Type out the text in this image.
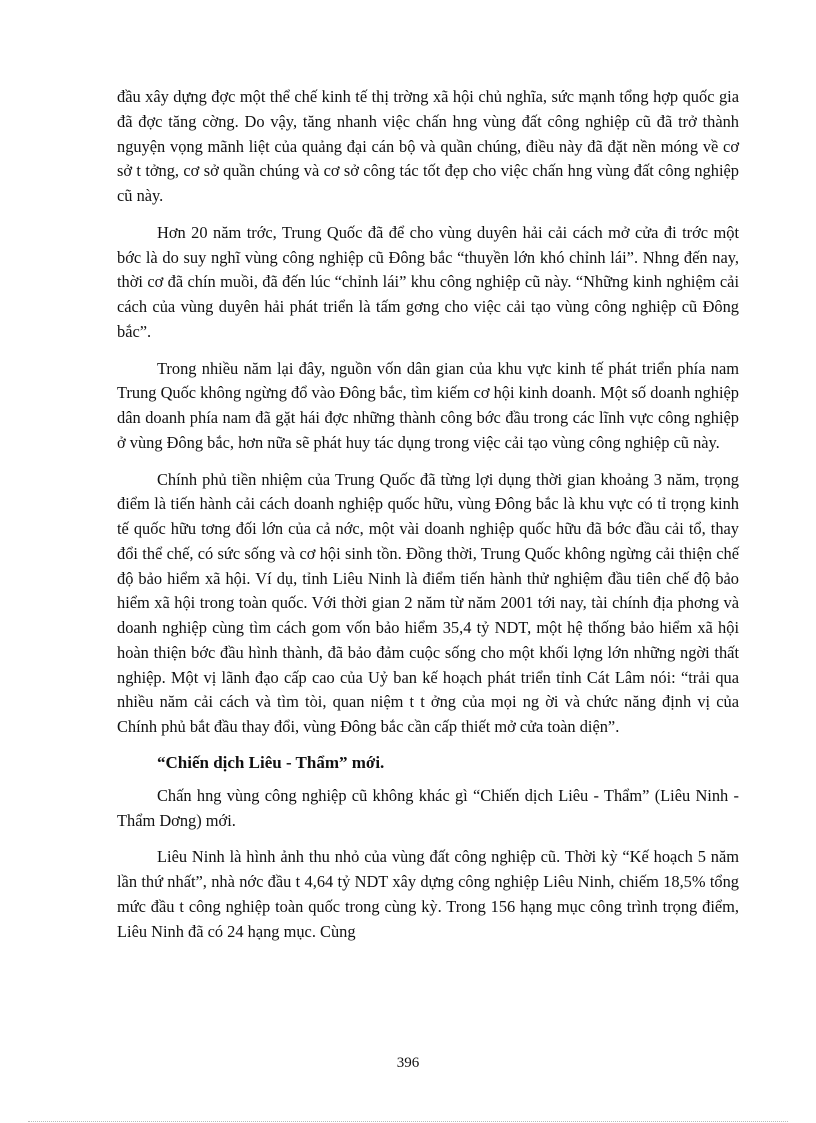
đầu xây dựng đợc một thể chế kinh tế thị trờng xã hội chủ nghĩa, sức mạnh tổng hợp quốc gia đã đợc tăng cờng. Do vậy, tăng nhanh việc chấn hng vùng đất công nghiệp cũ đã trở thành nguyện vọng mãnh liệt của quảng đại cán bộ và quần chúng, điều này đã đặt nền móng về cơ sở t tởng, cơ sở quần chúng và cơ sở công tác tốt đẹp cho việc chấn hng vùng đất công nghiệp cũ này.

Hơn 20 năm trớc, Trung Quốc đã để cho vùng duyên hải cải cách mở cửa đi trớc một bớc là do suy nghĩ vùng công nghiệp cũ Đông bắc “thuyền lớn khó chỉnh lái”. Nhng đến nay, thời cơ đã chín muồi, đã đến lúc “chỉnh lái” khu công nghiệp cũ này. “Những kinh nghiệm cải cách của vùng duyên hải phát triển là tấm gơng cho việc cải tạo vùng công nghiệp cũ Đông bắc”.

Trong nhiều năm lại đây, nguồn vốn dân gian của khu vực kinh tế phát triển phía nam Trung Quốc không ngừng đổ vào Đông bắc, tìm kiếm cơ hội kinh doanh. Một số doanh nghiệp dân doanh phía nam đã gặt hái đợc những thành công bớc đầu trong các lĩnh vực công nghiệp ở vùng Đông bắc, hơn nữa sẽ phát huy tác dụng trong việc cải tạo vùng công nghiệp cũ này.

Chính phủ tiền nhiệm của Trung Quốc đã từng lợi dụng thời gian khoảng 3 năm, trọng điểm là tiến hành cải cách doanh nghiệp quốc hữu, vùng Đông bắc là khu vực có tỉ trọng kinh tế quốc hữu tơng đối lớn của cả nớc, một vài doanh nghiệp quốc hữu đã bớc đầu cải tổ, thay đổi thể chế, có sức sống và cơ hội sinh tồn. Đồng thời, Trung Quốc không ngừng cải thiện chế độ bảo hiểm xã hội. Ví dụ, tỉnh Liêu Ninh là điểm tiến hành thử nghiệm đầu tiên chế độ bảo hiểm xã hội trong toàn quốc. Với thời gian 2 năm từ năm 2001 tới nay, tài chính địa phơng và doanh nghiệp cùng tìm cách gom vốn bảo hiểm 35,4 tỷ NDT, một hệ thống bảo hiểm xã hội hoàn thiện bớc đầu hình thành, đã bảo đảm cuộc sống cho một khối lợng lớn những ngời thất nghiệp. Một vị lãnh đạo cấp cao của Uỷ ban kế hoạch phát triển tỉnh Cát Lâm nói: “trải qua nhiều năm cải cách và tìm tòi, quan niệm t t ởng của mọi ng ời và chức năng định vị của Chính phủ bắt đầu thay đổi, vùng Đông bắc cần cấp thiết mở cửa toàn diện”.

“Chiến dịch Liêu - Thẩm” mới.

Chấn hng vùng công nghiệp cũ không khác gì “Chiến dịch Liêu - Thẩm” (Liêu Ninh - Thẩm Dơng) mới.

Liêu Ninh là hình ảnh thu nhỏ của vùng đất công nghiệp cũ. Thời kỳ “Kế hoạch 5 năm lần thứ nhất”, nhà nớc đầu t 4,64 tỷ NDT xây dựng công nghiệp Liêu Ninh, chiếm 18,5% tổng mức đầu t công nghiệp toàn quốc trong cùng kỳ. Trong 156 hạng mục công trình trọng điểm, Liêu Ninh đã có 24 hạng mục. Cùng

396
